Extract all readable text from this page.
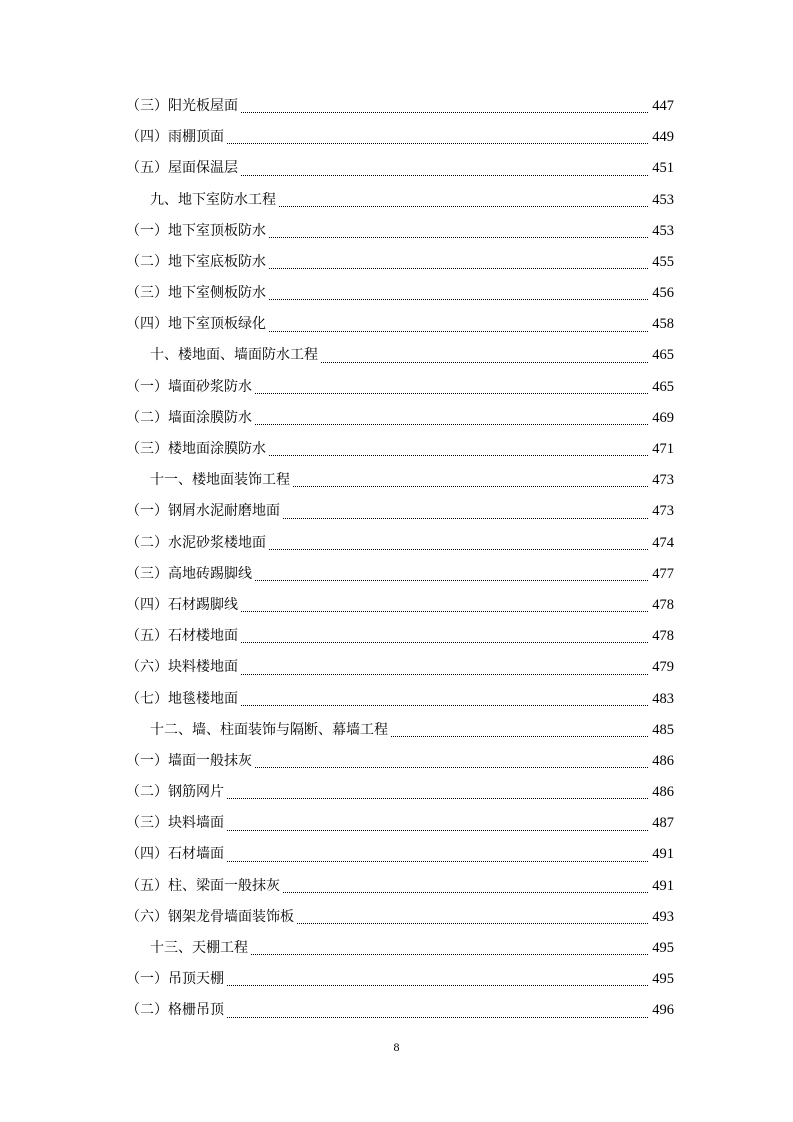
（三）阳光板屋面	447
（四）雨棚顶面	449
（五）屋面保温层	451
九、地下室防水工程	453
（一）地下室顶板防水	453
（二）地下室底板防水	455
（三）地下室侧板防水	456
（四）地下室顶板绿化	458
十、楼地面、墙面防水工程	465
（一）墙面砂浆防水	465
（二）墙面涂膜防水	469
（三）楼地面涂膜防水	471
十一、楼地面装饰工程	473
（一）钢屑水泥耐磨地面	473
（二）水泥砂浆楼地面	474
（三）高地砖踢脚线	477
（四）石材踢脚线	478
（五）石材楼地面	478
（六）块料楼地面	479
（七）地毯楼地面	483
十二、墙、柱面装饰与隔断、幕墙工程	485
（一）墙面一般抹灰	486
（二）钢筋网片	486
（三）块料墙面	487
（四）石材墙面	491
（五）柱、梁面一般抹灰	491
（六）钢架龙骨墙面装饰板	493
十三、天棚工程	495
（一）吊顶天棚	495
（二）格栅吊顶	496
8
